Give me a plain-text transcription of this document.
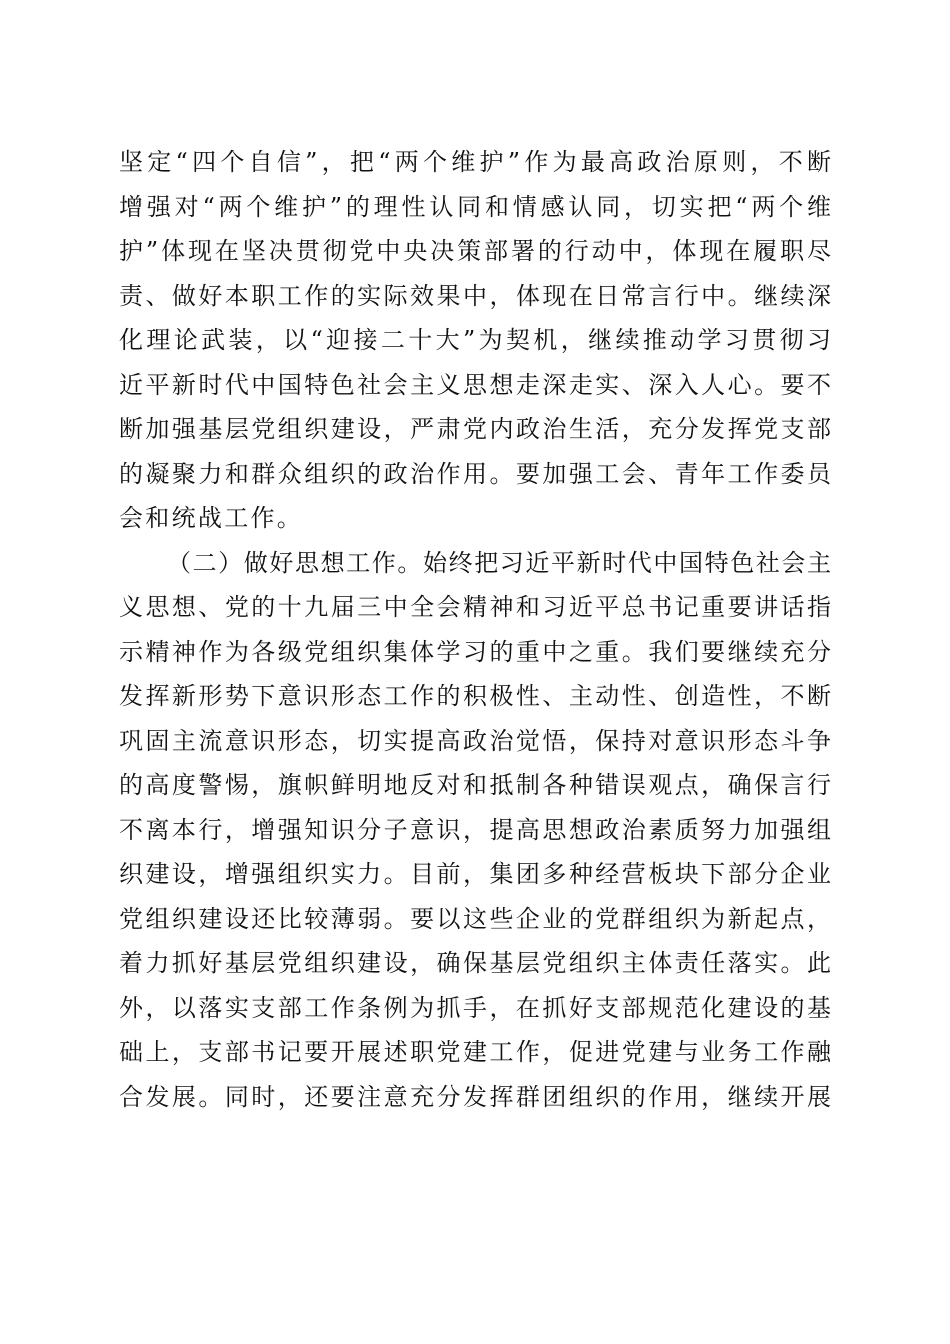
坚定“四个自信”，把“两个维护”作为最高政治原则，不断
增强对“两个维护”的理性认同和情感认同，切实把“两个维
护”体现在坚决贯彻党中央决策部署的行动中，体现在履职尽
责、做好本职工作的实际效果中，体现在日常言行中。继续深
化理论武装，以“迎接二十大”为契机，继续推动学习贯彻习
近平新时代中国特色社会主义思想走深走实、深入人心。要不
断加强基层党组织建设，严肃党内政治生活，充分发挥党支部
的凝聚力和群众组织的政治作用。要加强工会、青年工作委员
会和统战工作。
（二）做好思想工作。始终把习近平新时代中国特色社会主
义思想、党的十九届三中全会精神和习近平总书记重要讲话指
示精神作为各级党组织集体学习的重中之重。我们要继续充分
发挥新形势下意识形态工作的积极性、主动性、创造性，不断
巩固主流意识形态，切实提高政治觉悟，保持对意识形态斗争
的高度警惕，旗帜鲜明地反对和抵制各种错误观点，确保言行
不离本行，增强知识分子意识，提高思想政治素质努力加强组
织建设，增强组织实力。目前，集团多种经营板块下部分企业
党组织建设还比较薄弱。要以这些企业的党群组织为新起点，
着力抓好基层党组织建设，确保基层党组织主体责任落实。此
外，以落实支部工作条例为抓手，在抓好支部规范化建设的基
础上，支部书记要开展述职党建工作，促进党建与业务工作融
合发展。同时，还要注意充分发挥群团组织的作用，继续开展
